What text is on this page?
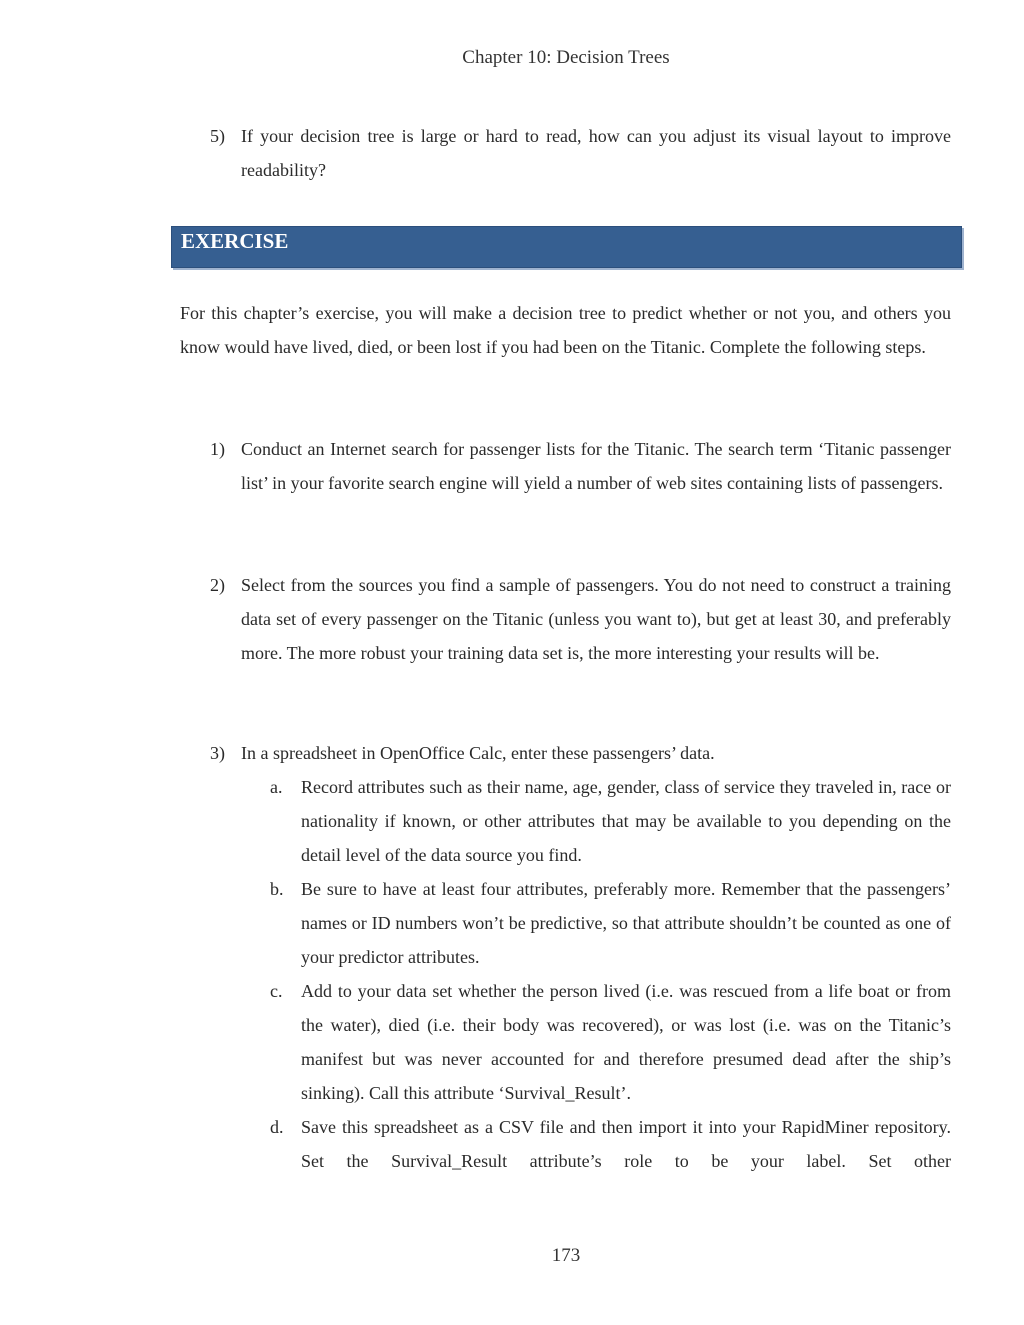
Chapter 10: Decision Trees
5) If your decision tree is large or hard to read, how can you adjust its visual layout to improve readability?
EXERCISE

For this chapter’s exercise, you will make a decision tree to predict whether or not you, and others you know would have lived, died, or been lost if you had been on the Titanic. Complete the following steps.

1) Conduct an Internet search for passenger lists for the Titanic. The search term ‘Titanic passenger list’ in your favorite search engine will yield a number of web sites containing lists of passengers.
2) Select from the sources you find a sample of passengers. You do not need to construct a training data set of every passenger on the Titanic (unless you want to), but get at least 30, and preferably more. The more robust your training data set is, the more interesting your results will be.
3) In a spreadsheet in OpenOffice Calc, enter these passengers’ data.
a. Record attributes such as their name, age, gender, class of service they traveled in, race or nationality if known, or other attributes that may be available to you depending on the detail level of the data source you find.
b. Be sure to have at least four attributes, preferably more. Remember that the passengers’ names or ID numbers won’t be predictive, so that attribute shouldn’t be counted as one of your predictor attributes.
c. Add to your data set whether the person lived (i.e. was rescued from a life boat or from the water), died (i.e. their body was recovered), or was lost (i.e. was on the Titanic’s manifest but was never accounted for and therefore presumed dead after the ship’s sinking). Call this attribute ‘Survival_Result’.
d. Save this spreadsheet as a CSV file and then import it into your RapidMiner repository. Set the Survival_Result attribute’s role to be your label. Set other
173
